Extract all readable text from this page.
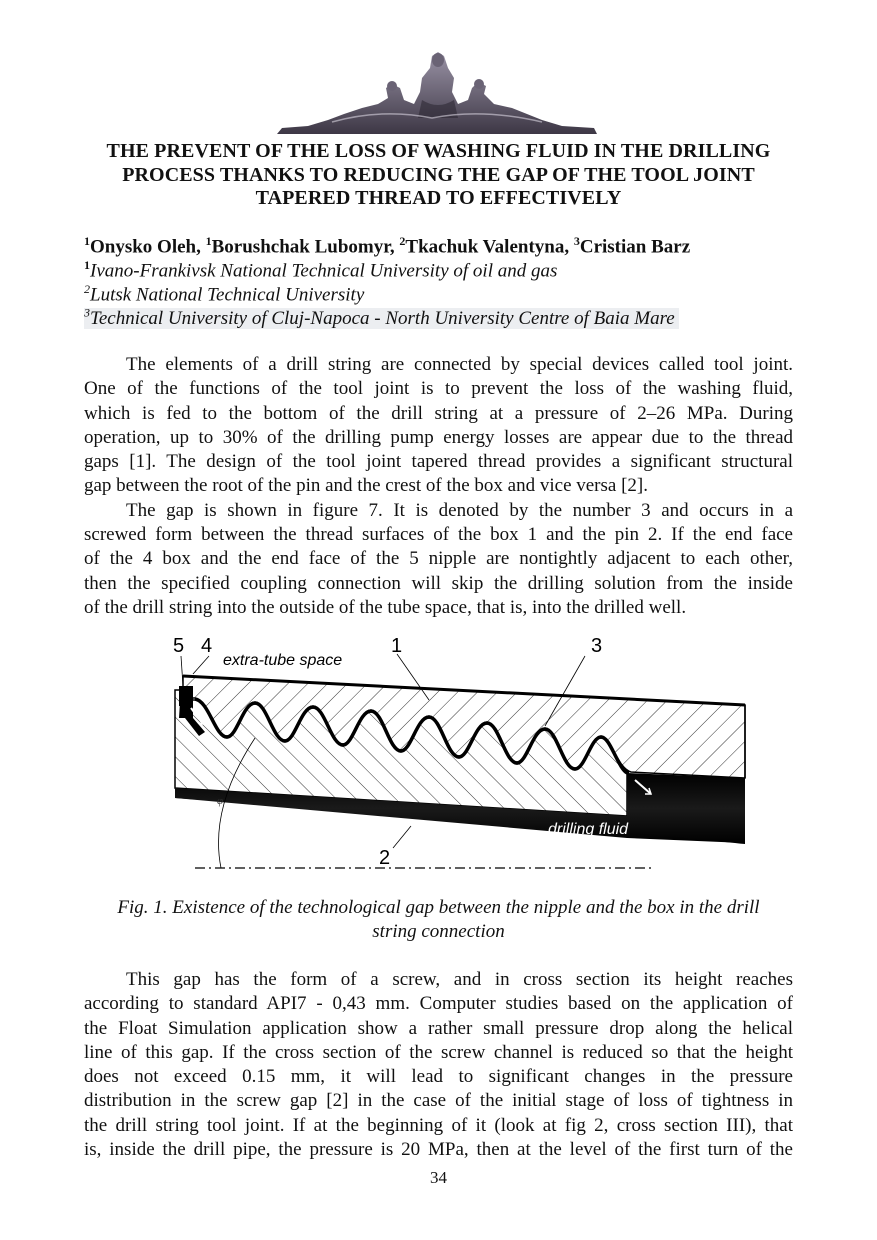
THE PREVENT OF THE LOSS OF WASHING FLUID IN THE DRILLING
PROCESS THANKS TO REDUCING THE GAP OF THE TOOL JOINT
TAPERED THREAD TO EFFECTIVELY
$^1$Onysko Oleh, $^1$Borushchak Lubomyr, $^2$Tkachuk Valentyna, $^3$Cristian Barz
$^1$Ivano-Frankivsk National Technical University of oil and gas
$^2$Lutsk National Technical University
$^3$Technical University of Cluj-Napoca - North University Centre of Baia Mare
The elements of a drill string are connected by special devices called tool joint.
One of the functions of the tool joint is to prevent the loss of the washing fluid,
which is fed to the bottom of the drill string at a pressure of 2–26 MPa. During
operation, up to 30% of the drilling pump energy losses are appear due to the thread
gaps [1]. The design of the tool joint tapered thread provides a significant structural
gap between the root of the pin and the crest of the box and vice versa [2].
The gap is shown in figure 7. It is denoted by the number 3 and occurs in a
screwed form between the thread surfaces of the box 1 and the pin 2. If the end face
of the 4 box and the end face of the 5 nipple are nontightly adjacent to each other,
then the specified coupling connection will skip the drilling solution from the inside
of the drill string into the outside of the tube space, that is, into the drilled well.
φ
5 4	1	3
2
extra-tube space
drilling fluid
Fig. 1. Existence of the technological gap between the nipple and the box in the drill
string connection
This gap has the form of a screw, and in cross section its height reaches
according to standard API7 - 0,43 mm. Computer studies based on the application of
the Float Simulation application show a rather small pressure drop along the helical
line of this gap. If the cross section of the screw channel is reduced so that the height
does not exceed 0.15 mm, it will lead to significant changes in the pressure
distribution in the screw gap [2] in the case of the initial stage of loss of tightness in
the drill string tool joint. If at the beginning of it (look at fig 2, cross section III), that
is, inside the drill pipe, the pressure is 20 MPa, then at the level of the first turn of the
34
